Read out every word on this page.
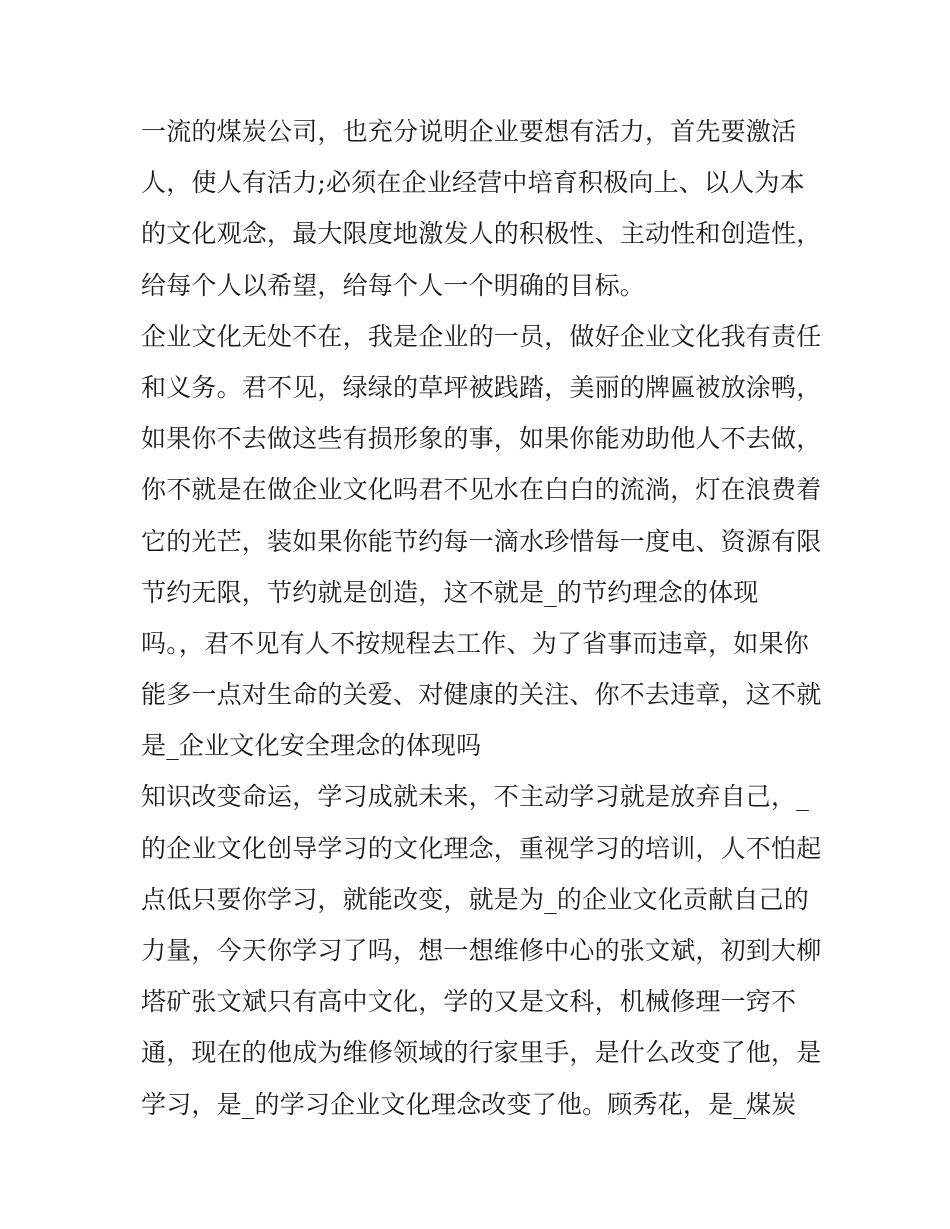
一流的煤炭公司，也充分说明企业要想有活力，首先要激活
人，使人有活力;必须在企业经营中培育积极向上、以人为本
的文化观念，最大限度地激发人的积极性、主动性和创造性，
给每个人以希望，给每个人一个明确的目标。
企业文化无处不在，我是企业的一员，做好企业文化我有责任
和义务。君不见，绿绿的草坪被践踏，美丽的牌匾被放涂鸭，
如果你不去做这些有损形象的事，如果你能劝助他人不去做，
你不就是在做企业文化吗君不见水在白白的流淌，灯在浪费着
它的光芒，装如果你能节约每一滴水珍惜每一度电、资源有限
节约无限，节约就是创造，这不就是_的节约理念的体现
吗。，君不见有人不按规程去工作、为了省事而违章，如果你
能多一点对生命的关爱、对健康的关注、你不去违章，这不就
是_企业文化安全理念的体现吗
知识改变命运，学习成就未来，不主动学习就是放弃自己，_
的企业文化创导学习的文化理念，重视学习的培训，人不怕起
点低只要你学习，就能改变，就是为_的企业文化贡献自己的
力量，今天你学习了吗，想一想维修中心的张文斌，初到大柳
塔矿张文斌只有高中文化，学的又是文科，机械修理一窍不
通，现在的他成为维修领域的行家里手，是什么改变了他，是
学习，是_的学习企业文化理念改变了他。顾秀花，是_煤炭
